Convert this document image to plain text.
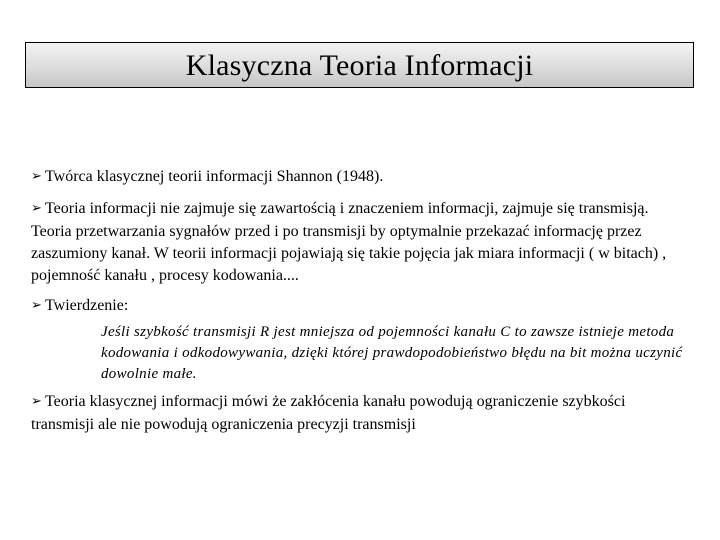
Klasyczna Teoria Informacji

➢ Twórca klasycznej teorii informacji Shannon (1948).

➢ Teoria informacji nie zajmuje się zawartością i znaczeniem informacji, zajmuje się transmisją. Teoria przetwarzania sygnałów przed i po transmisji by optymalnie przekazać informację przez zaszumiony kanał. W teorii informacji pojawiają się takie pojęcia jak miara informacji ( w bitach) , pojemność kanału , procesy kodowania....

➢ Twierdzenie:

Jeśli szybkość transmisji R jest mniejsza od pojemności kanału C to zawsze istnieje metoda kodowania i odkodowywania, dzięki której prawdopodobieństwo błędu na bit można uczynić dowolnie małe.

➢ Teoria klasycznej informacji mówi że zakłócenia kanału powodują ograniczenie szybkości transmisji ale nie powodują ograniczenia precyzji transmisji
